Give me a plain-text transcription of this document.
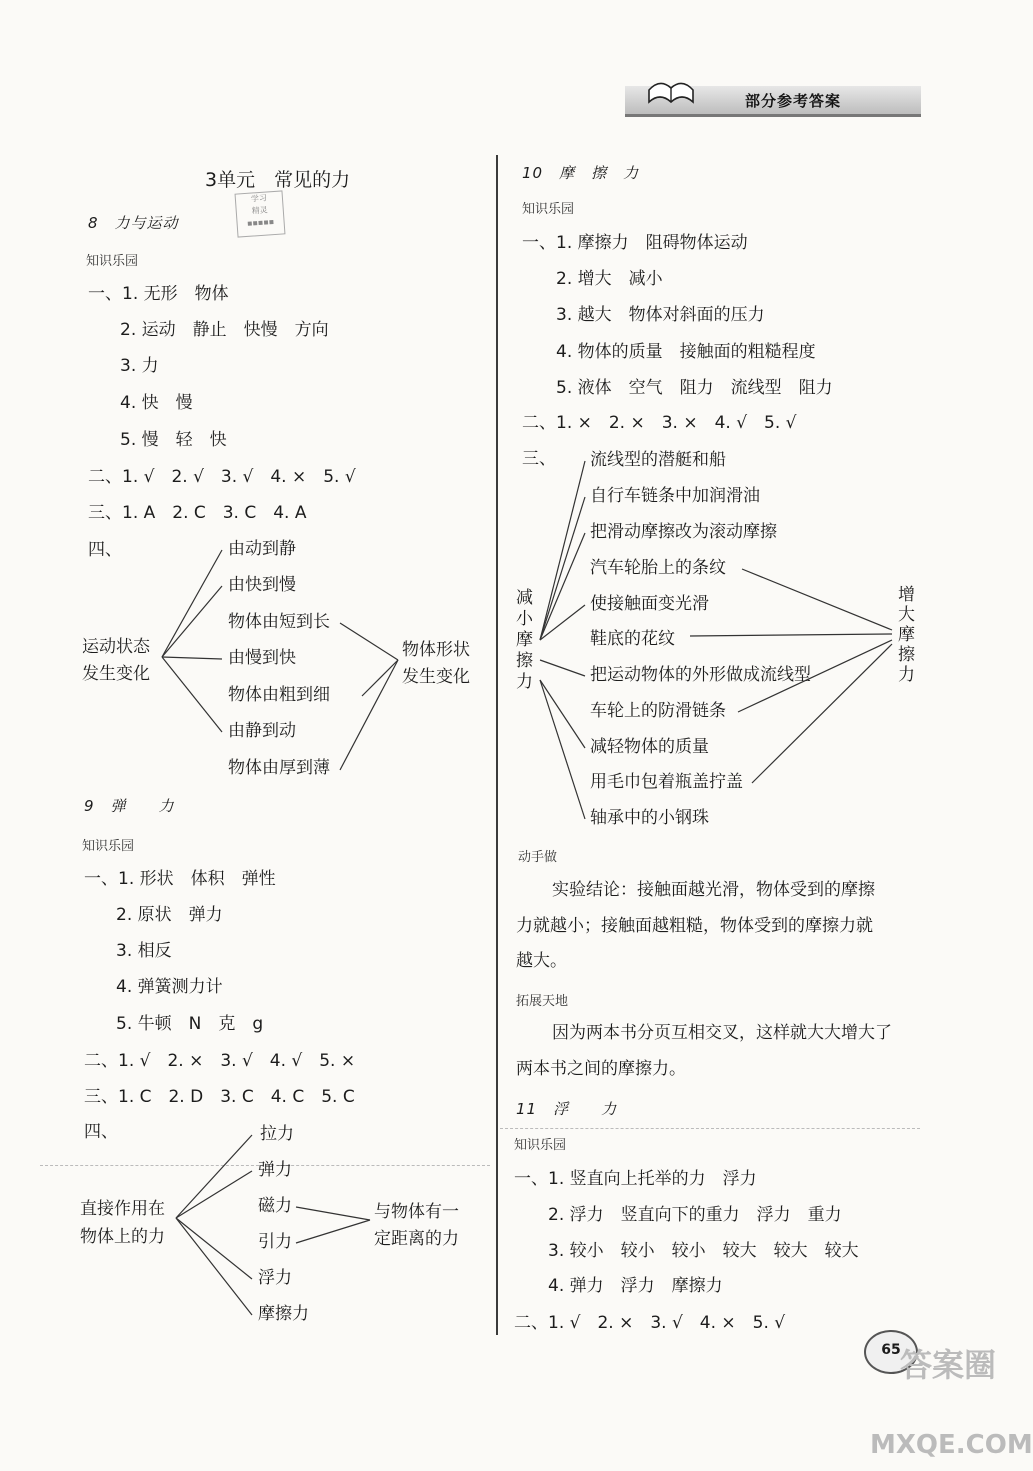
部分参考答案
3单元　常见的力
学习
精灵
▪▪▪▪▪
8　力与运动
知识乐园
一、1. 无形　物体
2. 运动　静止　快慢　方向
3. 力
4. 快　慢
5. 慢　轻　快
二、1. √　2. √　3. √　4. ×　5. √
三、1. A　2. C　3. C　4. A
四、
运动状态
发生变化
物体形状
发生变化
由动到静
由快到慢
物体由短到长
由慢到快
物体由粗到细
由静到动
物体由厚到薄
9　弹　　力
知识乐园
一、1. 形状　体积　弹性
2. 原状　弹力
3. 相反
4. 弹簧测力计
5. 牛顿　N　克　g
二、1. √　2. ×　3. √　4. √　5. ×
三、1. C　2. D　3. C　4. C　5. C
四、
直接作用在
物体上的力
与物体有一
定距离的力
拉力
弹力
磁力
引力
浮力
摩擦力
10　摩　擦　力
知识乐园
一、1. 摩擦力　阻碍物体运动
2. 增大　减小
3. 越大　物体对斜面的压力
4. 物体的质量　接触面的粗糙程度
5. 液体　空气　阻力　流线型　阻力
二、1. ×　2. ×　3. ×　4. √　5. √
三、
减小摩擦力
增大摩擦力
流线型的潜艇和船
自行车链条中加润滑油
把滑动摩擦改为滚动摩擦
汽车轮胎上的条纹
使接触面变光滑
鞋底的花纹
把运动物体的外形做成流线型
车轮上的防滑链条
减轻物体的质量
用毛巾包着瓶盖拧盖
轴承中的小钢珠
动手做
实验结论：接触面越光滑，物体受到的摩擦
力就越小；接触面越粗糙，物体受到的摩擦力就
越大。
拓展天地
因为两本书分页互相交叉，这样就大大增大了
两本书之间的摩擦力。
11　浮　　力
知识乐园
一、1. 竖直向上托举的力　浮力
2. 浮力　竖直向下的重力　浮力　重力
3. 较小　较小　较小　较大　较大　较大
4. 弹力　浮力　摩擦力
二、1. √　2. ×　3. √　4. ×　5. √
65 答案圈
MXQE.COM
